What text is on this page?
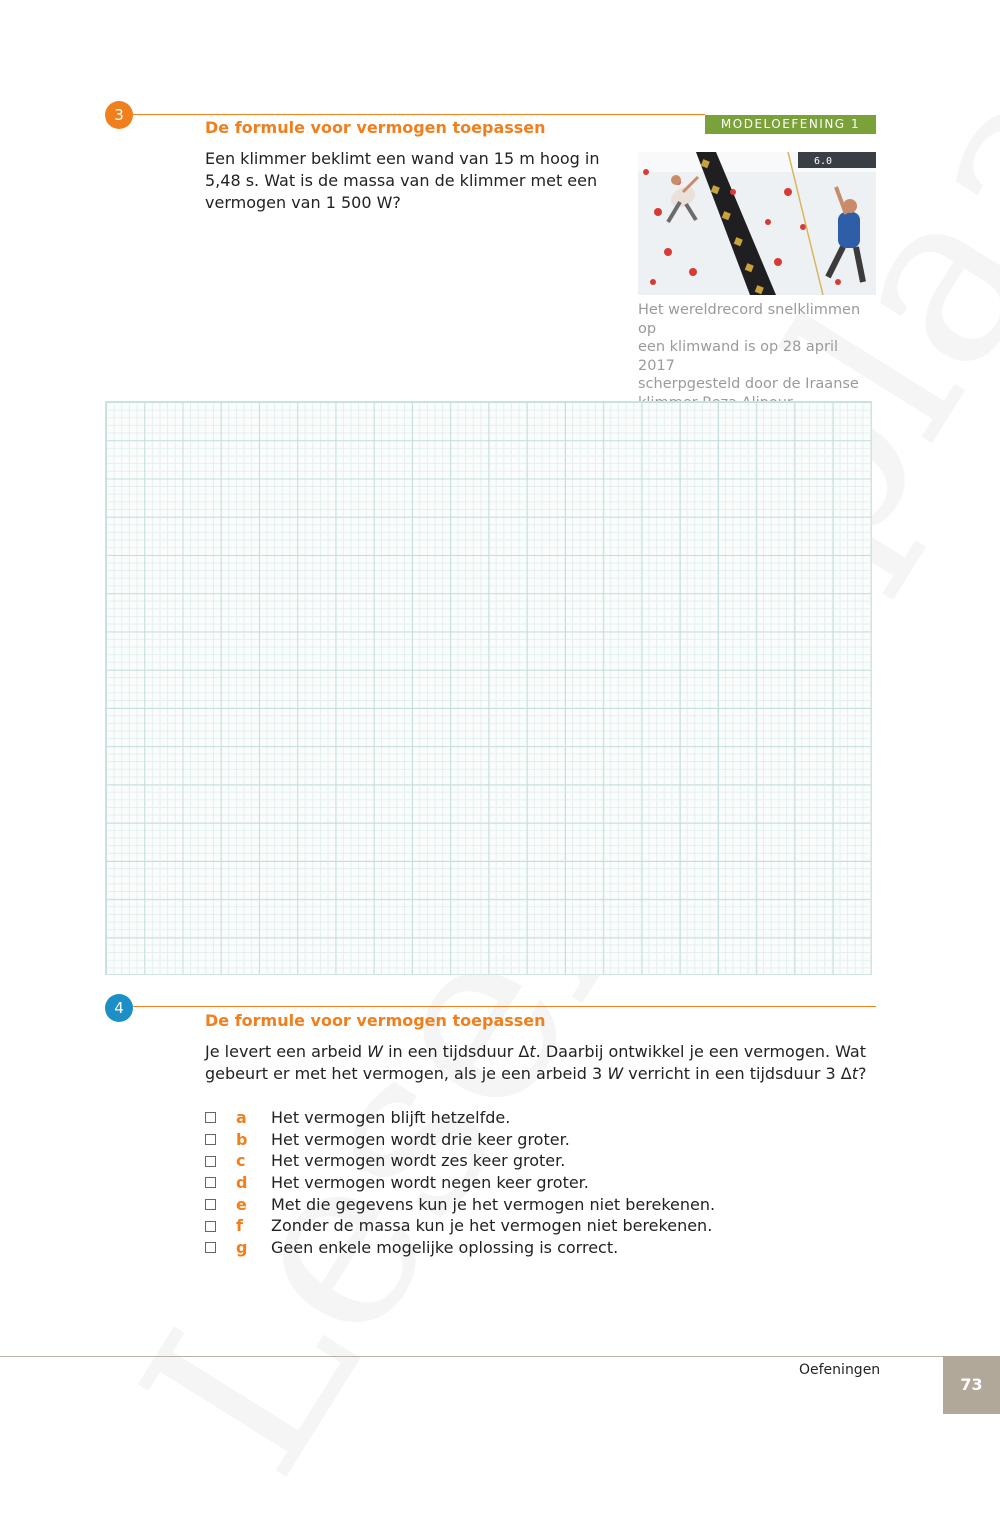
3	MODELOEFENING 1
De formule voor vermogen toepassen
Een klimmer beklimt een wand van 15 m hoog in
5,48 s. Wat is de massa van de klimmer met een
vermogen van 1 500 W?
6.0
Het wereldrecord snelklimmen op
een klimwand is op 28 april 2017
scherpgesteld door de Iraanse
4
De formule voor vermogen toepassen
Je levert een arbeid W in een tijdsduur Δt. Daarbij ontwikkel je een vermogen. Wat
gebeurt er met het vermogen, als je een arbeid 3 W verricht in een tijdsduur 3 Δt?
a	Het vermogen blijft hetzelfde.
b	Het vermogen wordt drie keer groter.
c	Het vermogen wordt zes keer groter.
d	Het vermogen wordt negen keer groter.
e	Met die gegevens kun je het vermogen niet berekenen.
f	Zonder de massa kun je het vermogen niet berekenen.
g	Geen enkele mogelijke oplossing is correct.
Oefeningen
73
